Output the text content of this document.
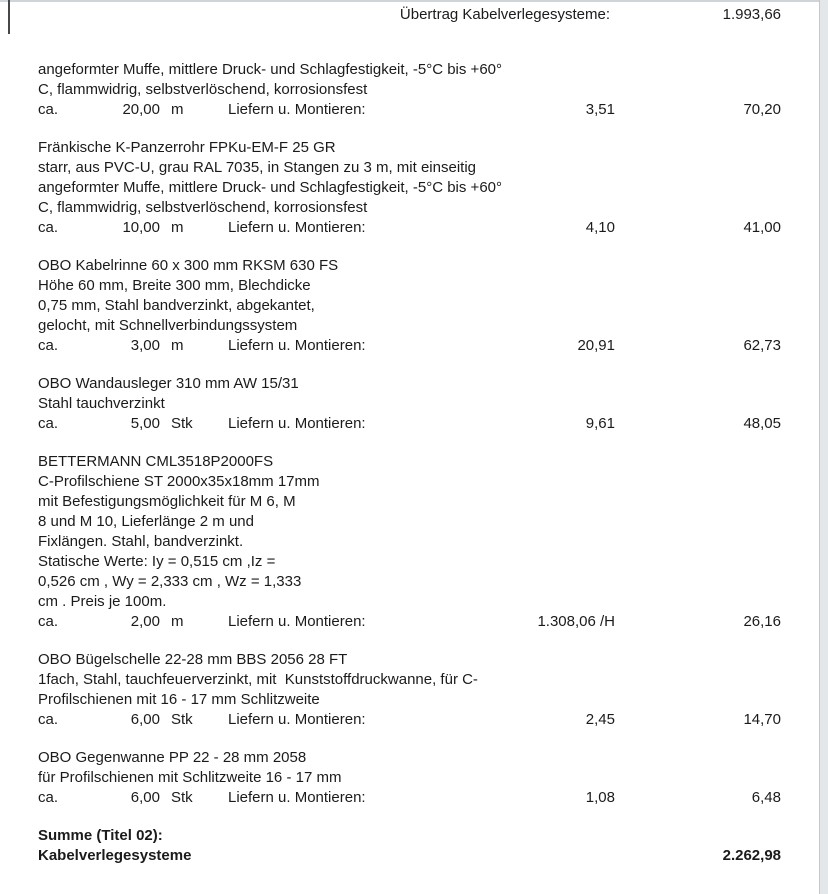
Übertrag Kabelverlegesysteme:	1.993,66
angeformter Muffe, mittlere Druck- und Schlagfestigkeit, -5°C bis +60°
C, flammwidrig, selbstverlöschend, korrosionsfest
ca.	20,00 m	Liefern u. Montieren:	3,51	70,20
Fränkische K-Panzerrohr FPKu-EM-F 25 GR
starr, aus PVC-U, grau RAL 7035, in Stangen zu 3 m, mit einseitig
angeformter Muffe, mittlere Druck- und Schlagfestigkeit, -5°C bis +60°
C, flammwidrig, selbstverlöschend, korrosionsfest
ca.	10,00 m	Liefern u. Montieren:	4,10	41,00
OBO Kabelrinne 60 x 300 mm RKSM 630 FS
Höhe 60 mm, Breite 300 mm, Blechdicke
0,75 mm, Stahl bandverzinkt, abgekantet,
gelocht, mit Schnellverbindungssystem
ca.	3,00 m	Liefern u. Montieren:	20,91	62,73
OBO Wandausleger 310 mm AW 15/31
Stahl tauchverzinkt
ca.	5,00 Stk Liefern u. Montieren:	9,61	48,05
BETTERMANN CML3518P2000FS
C-Profilschiene ST 2000x35x18mm 17mm
mit Befestigungsmöglichkeit für M 6, M
8 und M 10, Lieferlänge 2 m und
Fixlängen. Stahl, bandverzinkt.
Statische Werte: Iy = 0,515 cm ,Iz =
0,526 cm , Wy = 2,333 cm , Wz = 1,333
cm . Preis je 100m.
ca.	2,00 m	Liefern u. Montieren:	1.308,06 /H	26,16
OBO Bügelschelle 22-28 mm BBS 2056 28 FT
1fach, Stahl, tauchfeuerverzinkt, mit  Kunststoffdruckwanne, für C-
Profilschienen mit 16 - 17 mm Schlitzweite
ca.	6,00 Stk Liefern u. Montieren:	2,45	14,70
OBO Gegenwanne PP 22 - 28 mm 2058
für Profilschienen mit Schlitzweite 16 - 17 mm
ca.	6,00 Stk Liefern u. Montieren:	1,08	6,48
Summe (Titel 02):
Kabelverlegesysteme	2.262,98
